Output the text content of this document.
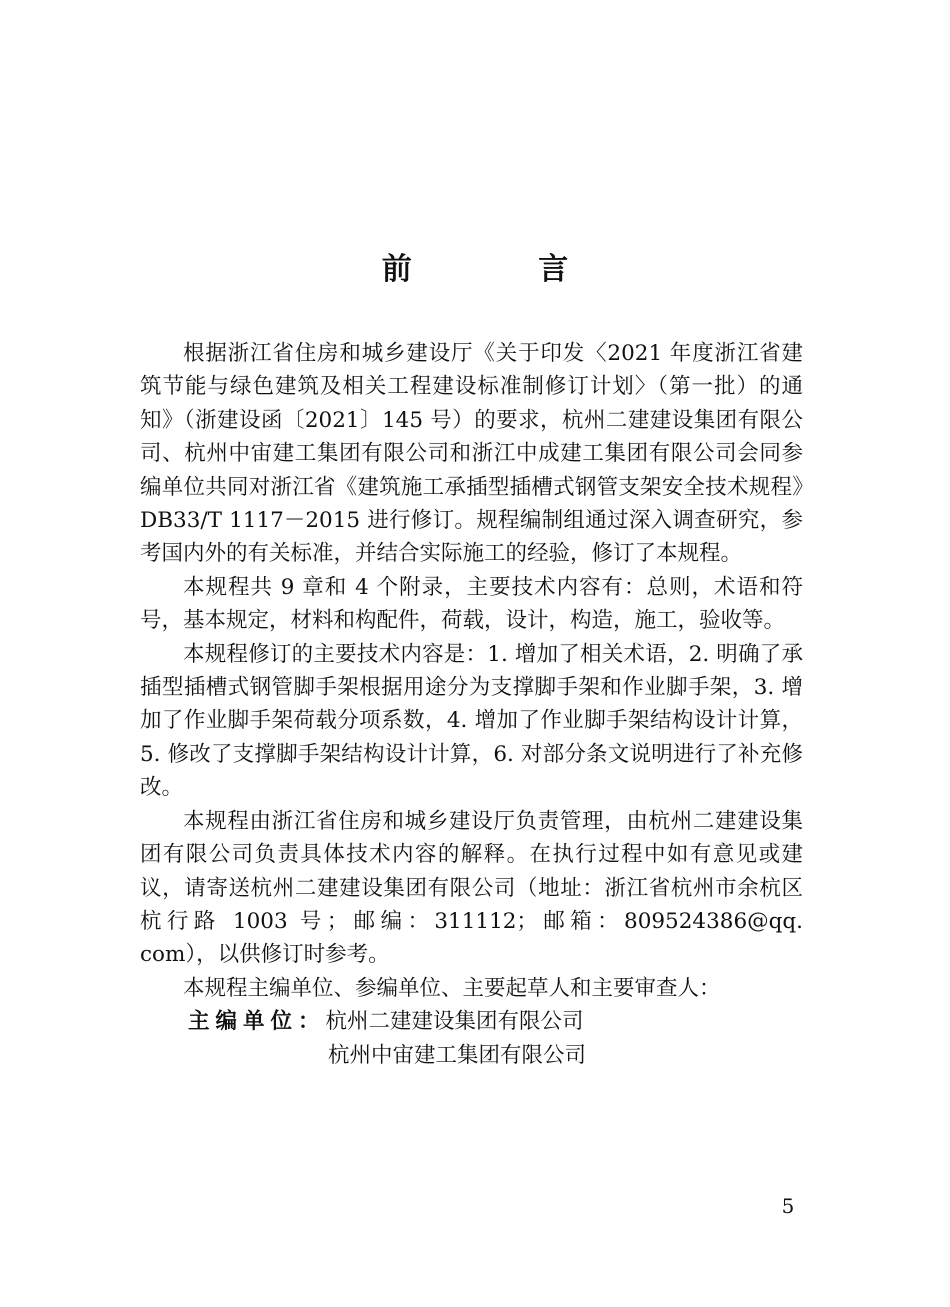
前 言

根据浙江省住房和城乡建设厅《关于印发〈2021 年度浙江省建筑节能与绿色建筑及相关工程建设标准制修订计划〉（第一批）的通知》（浙建设函〔2021〕145 号）的要求，杭州二建建设集团有限公司、杭州中宙建工集团有限公司和浙江中成建工集团有限公司会同参编单位共同对浙江省《建筑施工承插型插槽式钢管支架安全技术规程》DB33/T 1117－2015 进行修订。规程编制组通过深入调查研究，参考国内外的有关标准，并结合实际施工的经验，修订了本规程。

本规程共 9 章和 4 个附录，主要技术内容有：总则，术语和符号，基本规定，材料和构配件，荷载，设计，构造，施工，验收等。

本规程修订的主要技术内容是：1. 增加了相关术语，2. 明确了承插型插槽式钢管脚手架根据用途分为支撑脚手架和作业脚手架，3. 增加了作业脚手架荷载分项系数，4. 增加了作业脚手架结构设计计算，5. 修改了支撑脚手架结构设计计算，6. 对部分条文说明进行了补充修改。

本规程由浙江省住房和城乡建设厅负责管理，由杭州二建建设集团有限公司负责具体技术内容的解释。在执行过程中如有意见或建议，请寄送杭州二建建设集团有限公司（地址：浙江省杭州市余杭区杭行路 1003 号；邮编：311112；邮箱：809524386@qq. com），以供修订时参考。

本规程主编单位、参编单位、主要起草人和主要审查人：

主编单位：杭州二建建设集团有限公司

杭州中宙建工集团有限公司

5
